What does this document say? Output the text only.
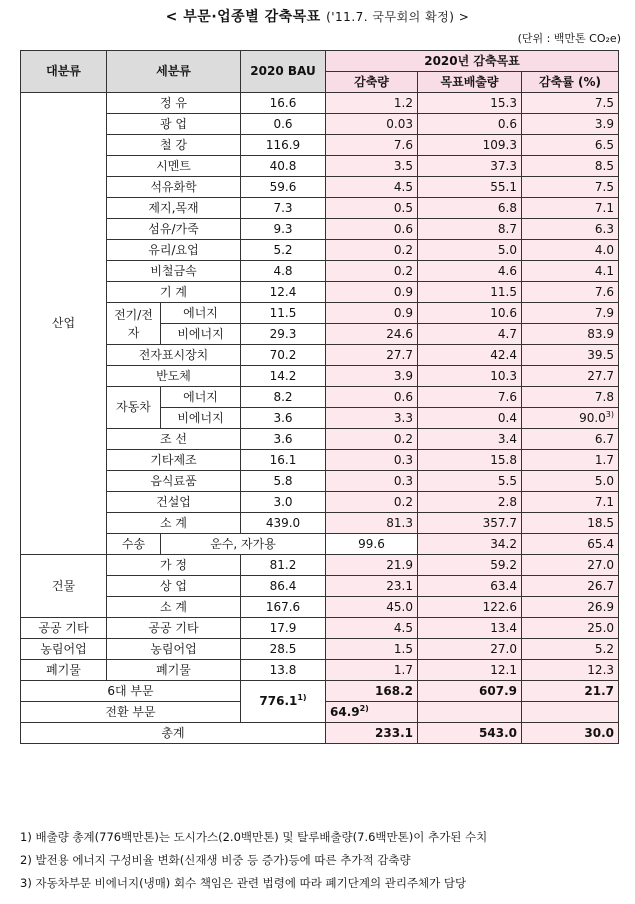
< 부문·업종별 감축목표 ('11.7. 국무회의 확정) >
(단위 : 백만톤 CO₂e)
대분류	세분류		2020 BAU	2020년 감축목표			
				감축량	목표배출량	감축률 (%)	
산업	정 유		16.6	1.2	15.3	7.5	
	광 업		0.6	0.03	0.6	3.9	
	철 강		116.9	7.6	109.3	6.5	
	시멘트		40.8	3.5	37.3	8.5	
	석유화학		59.6	4.5	55.1	7.5	
	제지,목재		7.3	0.5	6.8	7.1	
	섬유/가죽		9.3	0.6	8.7	6.3	
	유리/요업		5.2	0.2	5.0	4.0	
	비철금속		4.8	0.2	4.6	4.1	
	기 계		12.4	0.9	11.5	7.6	
	전기/전자	에너지	11.5	0.9	10.6	7.9	
		비에너지	29.3	24.6	4.7	83.9	
	전자표시장치		70.2	27.7	42.4	39.5	
	반도체		14.2	3.9	10.3	27.7	
	자동차	에너지	8.2	0.6	7.6	7.8	
		비에너지	3.6	3.3	0.4	90.0$^{3)}$
	조 선		3.6	0.2	3.4	6.7	
	기타제조		16.1	0.3	15.8	1.7	
	음식료품		5.8	0.3	5.5	5.0	
	건설업		3.0	0.2	2.8	7.1	
	소 계		439.0	81.3	357.7	18.5	
	수송	운수, 자가용		99.6	34.2	65.4	
건물	가 정		81.2	21.9	59.2	27.0	
	상 업		86.4	23.1	63.4	26.7	
	소 계		167.6	45.0	122.6	26.9	
공공 기타	공공 기타		17.9	4.5	13.4	25.0	
농림어업	농림어업		28.5	1.5	27.0	5.2	
폐기물	폐기물		13.8	1.7	12.1	12.3	
6대 부문			776.1$^{1)}$	168.2	607.9	21.7	
전환 부문				64.9$^{2)}$		
총계				233.1	543.0	30.0	
1) 배출량 총계(776백만톤)는 도시가스(2.0백만톤) 및 탈루배출량(7.6백만톤)이 추가된 수치
2) 발전용 에너지 구성비율 변화(신재생 비중 등 증가)등에 따른 추가적 감축량
3) 자동차부문 비에너지(냉매) 회수 책임은 관련 법령에 따라 폐기단계의 관리주체가 담당
